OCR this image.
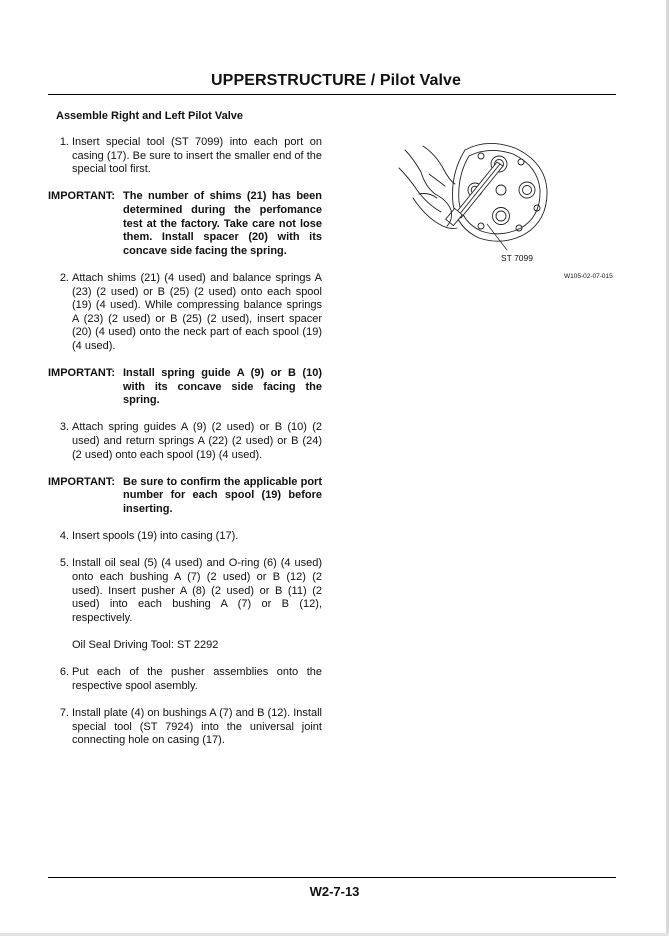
UPPERSTRUCTURE / Pilot Valve
Assemble Right and Left Pilot Valve
1. Insert special tool (ST 7099) into each port on casing (17). Be sure to insert the smaller end of the special tool first.
IMPORTANT: The number of shims (21) has been determined during the perfomance test at the factory. Take care not lose them. Install spacer (20) with its concave side facing the spring.
2. Attach shims (21) (4 used) and balance springs A (23) (2 used) or B (25) (2 used) onto each spool (19) (4 used). While compressing balance springs A (23) (2 used) or B (25) (2 used), insert spacer (20) (4 used) onto the neck part of each spool (19) (4 used).
IMPORTANT: Install spring guide A (9) or B (10) with its concave side facing the spring.
3. Attach spring guides A (9) (2 used) or B (10) (2 used) and return springs A (22) (2 used) or B (24) (2 used) onto each spool (19) (4 used).
IMPORTANT: Be sure to confirm the applicable port number for each spool (19) before inserting.
4. Insert spools (19) into casing (17).
5. Install oil seal (5) (4 used) and O-ring (6) (4 used) onto each bushing A (7) (2 used) or B (12) (2 used). Insert pusher A (8) (2 used) or B (11) (2 used) into each bushing A (7) or B (12), respectively.
Oil Seal Driving Tool: ST 2292
6. Put each of the pusher assemblies onto the respective spool asembly.
7. Install plate (4) on bushings A (7) and B (12). Install special tool (ST 7924) into the universal joint connecting hole on casing (17).
ST 7099
W105-02-07-015
W2-7-13
